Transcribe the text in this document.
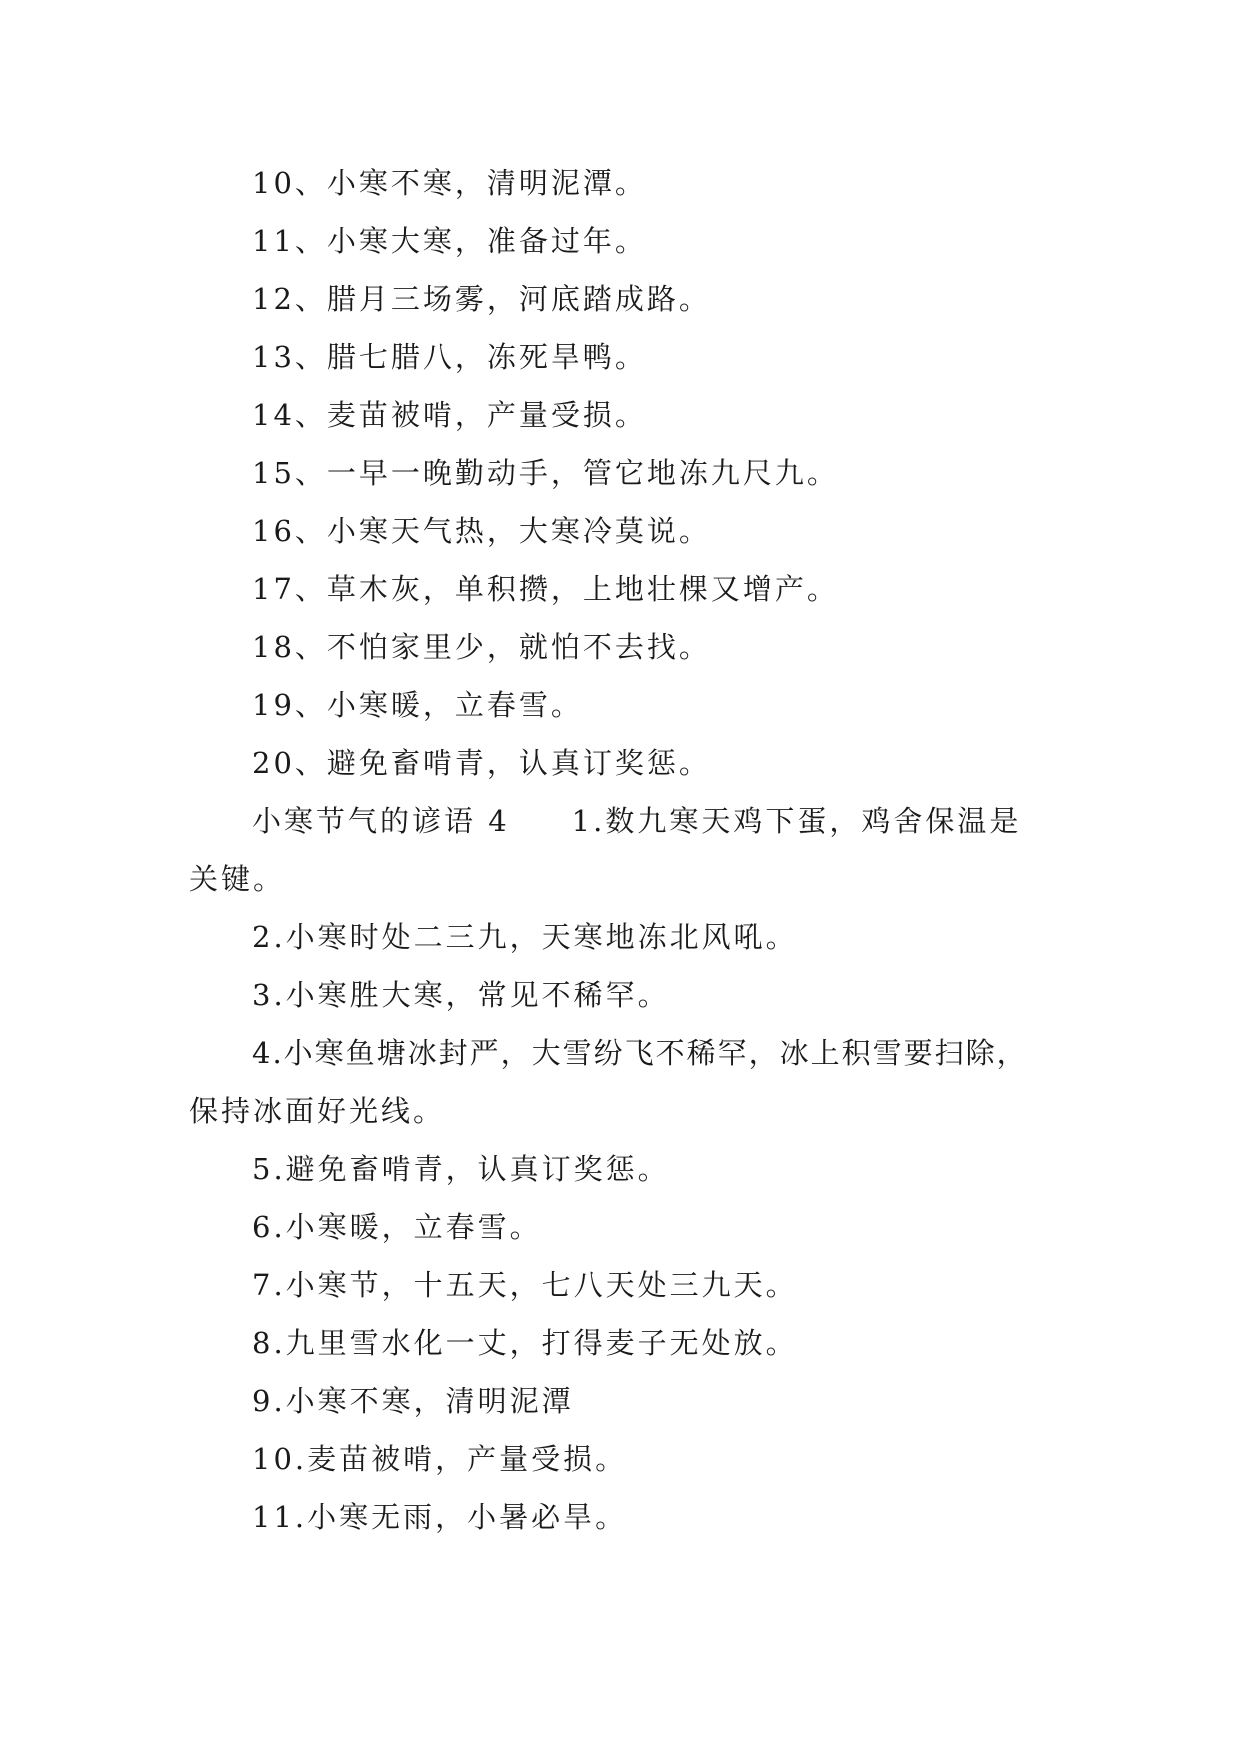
10、小寒不寒，清明泥潭。
11、小寒大寒，准备过年。
12、腊月三场雾，河底踏成路。
13、腊七腊八，冻死旱鸭。
14、麦苗被啃，产量受损。
15、一早一晚勤动手，管它地冻九尺九。
16、小寒天气热，大寒冷莫说。
17、草木灰，单积攒，上地壮棵又增产。
18、不怕家里少，就怕不去找。
19、小寒暖，立春雪。
20、避免畜啃青，认真订奖惩。
小寒节气的谚语 4 1.数九寒天鸡下蛋，鸡舍保温是
关键。
2.小寒时处二三九，天寒地冻北风吼。
3.小寒胜大寒，常见不稀罕。
4.小寒鱼塘冰封严，大雪纷飞不稀罕，冰上积雪要扫除，
保持冰面好光线。
5.避免畜啃青，认真订奖惩。
6.小寒暖，立春雪。
7.小寒节，十五天，七八天处三九天。
8.九里雪水化一丈，打得麦子无处放。
9.小寒不寒，清明泥潭
10.麦苗被啃，产量受损。
11.小寒无雨，小暑必旱。
